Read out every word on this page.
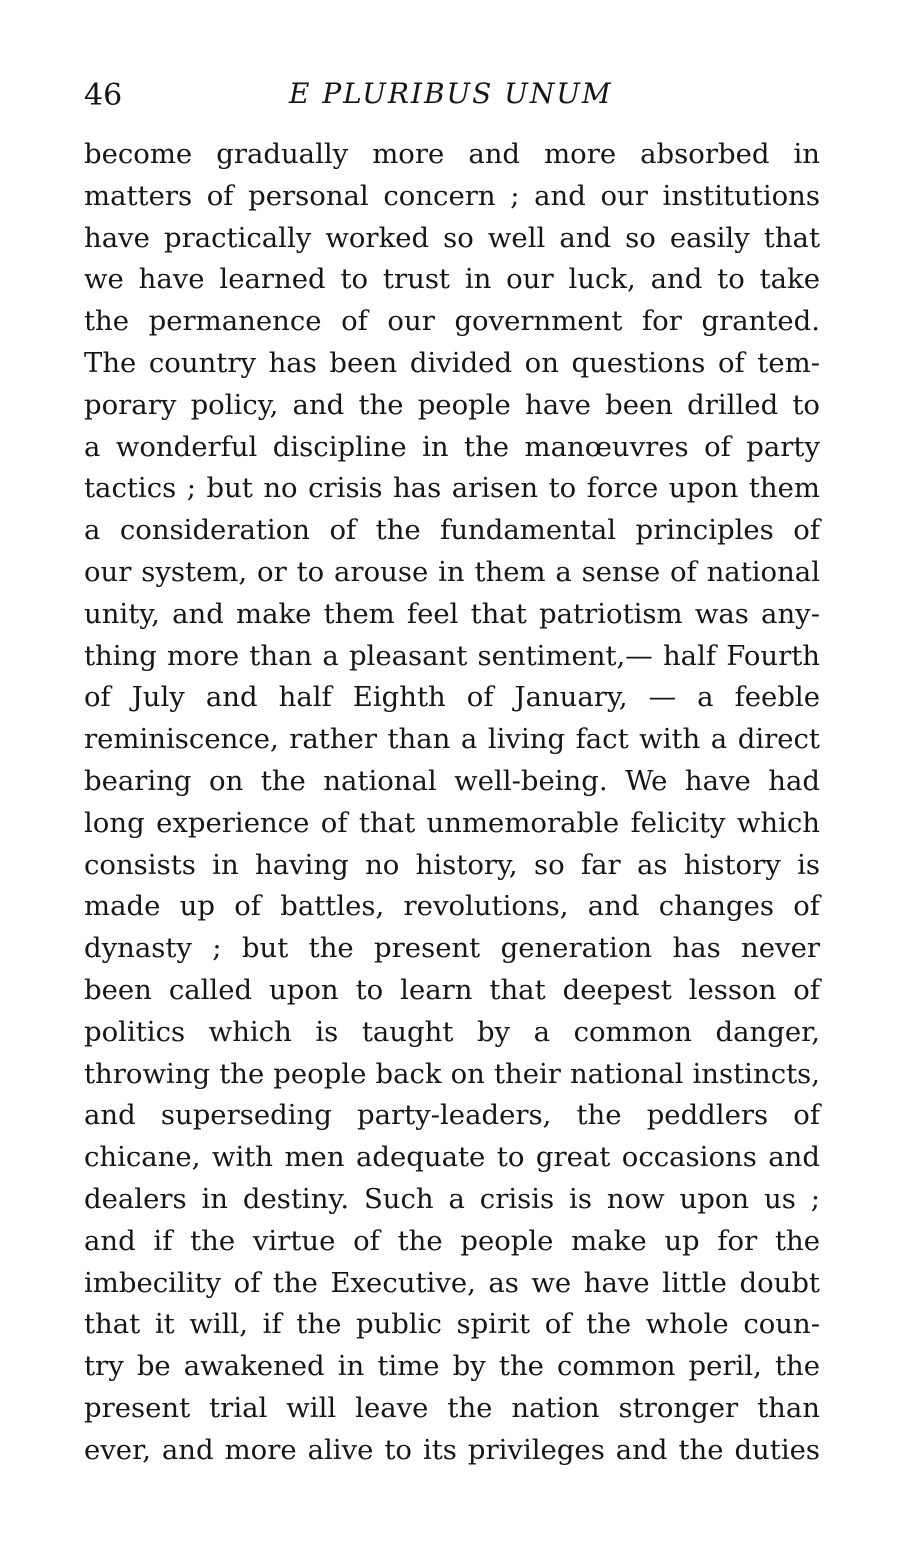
46	E PLURIBUS UNUM
become gradually more and more absorbed in
matters of personal concern ; and our institutions
have practically worked so well and so easily that
we have learned to trust in our luck, and to take
the permanence of our government for granted.
The country has been divided on questions of tem-
porary policy, and the people have been drilled to
a wonderful discipline in the manœuvres of party
tactics ; but no crisis has arisen to force upon them
a consideration of the fundamental principles of
our system, or to arouse in them a sense of national
unity, and make them feel that patriotism was any-
thing more than a pleasant sentiment,— half Fourth
of July and half Eighth of January, — a feeble
reminiscence, rather than a living fact with a direct
bearing on the national well-being. We have had
long experience of that unmemorable felicity which
consists in having no history, so far as history is
made up of battles, revolutions, and changes of
dynasty ; but the present generation has never
been called upon to learn that deepest lesson of
politics which is taught by a common danger,
throwing the people back on their national instincts,
and superseding party-leaders, the peddlers of
chicane, with men adequate to great occasions and
dealers in destiny. Such a crisis is now upon us ;
and if the virtue of the people make up for the
imbecility of the Executive, as we have little doubt
that it will, if the public spirit of the whole coun-
try be awakened in time by the common peril, the
present trial will leave the nation stronger than
ever, and more alive to its privileges and the duties
